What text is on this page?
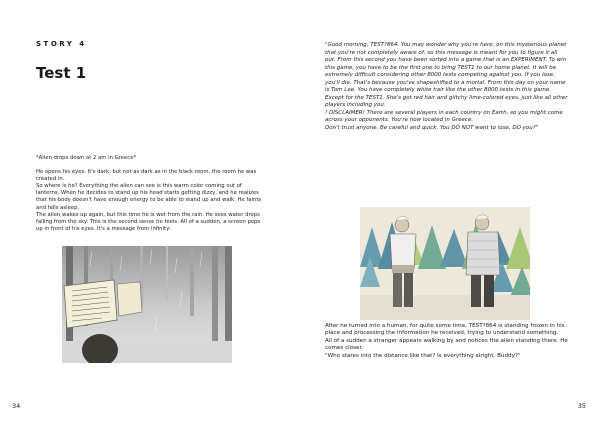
STORY 4
Test 1

*Alien drops down at 2 am in Greece*

He opens his eyes. It's dark, but not as dark as in the black room, the room he was created in.

So where is he? Everything the alien can see is this warm color coming out of lanterns. When he decides to stand up his head starts getting dizzy, and he realizes that his body doesn't have enough energy to be able to stand up and walk. He faints and falls asleep.

The alien wakes up again, but this time he is wet from the rain. He sees water drops falling from the sky. This is the second sense he feels. All of a sudden, a screen pops up in front of his eyes. It's a message from infinity:

34

"Good morning, TEST?864. You may wonder why you're here, on this mysterious planet that you're not completely aware of, so this message is meant for you to figure it all out. From this second you have been sorted into a game that is an EXPERIMENT. To win this game, you have to be the first one to bring TEST1 to our home planet. It will be extremely difficult considering other 8000 tests competing against you. If you lose, you'll die. That's because you've shapeshifted to a mortal. From this day on your name is Tom Lee. You have completely white hair like the other 8000 tests in this game. Except for the TEST1. She's got red hair and glitchy lime-colored eyes, just like all other players including you.

! DISCLAIMER! There are several players in each country on Earth, so you might come across your opponents. You're now located in Greece.

Don't trust anyone. Be careful and quick. You DO NOT want to lose, DO you?"

After he turned into a human, for quite some time, TEST?864 is standing frozen in his place and processing the information he received, trying to understand something.

All of a sudden a stranger appears walking by and notices the alien standing there. He comes closer.

"Who stares into the distance like that? Is everything alright, Buddy?"

35
